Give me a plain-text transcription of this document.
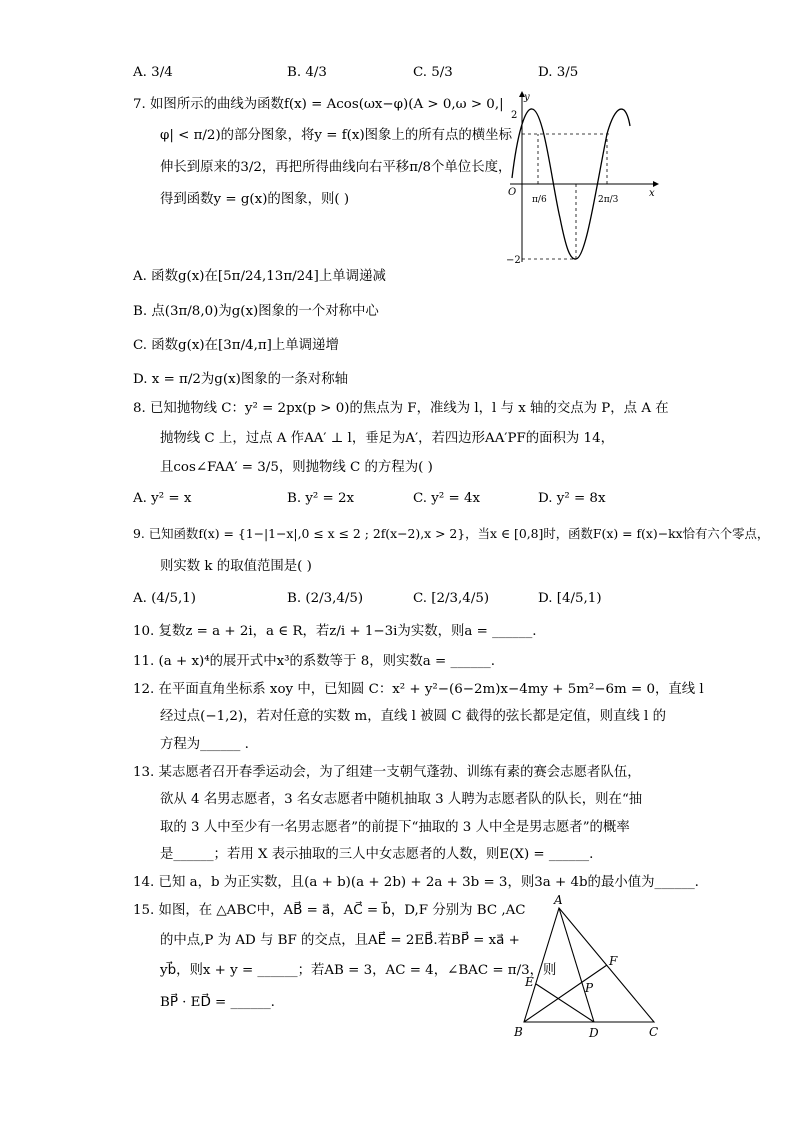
A. 3/4	B. 4/3	C. 5/3	D. 3/5
7. 如图所示的曲线为函数f(x) = Acos(ωx−φ)(A > 0,ω > 0,|
φ| < π/2)的部分图象，将y = f(x)图象上的所有点的横坐标
伸长到原来的3/2，再把所得曲线向右平移π/8个单位长度，
得到函数y = g(x)的图象，则( )
y
x
O
2
−2
π/6	2π/3
A. 函数g(x)在[5π/24,13π/24]上单调递减
B. 点(3π/8,0)为g(x)图象的一个对称中心
C. 函数g(x)在[3π/4,π]上单调递增
D. x = π/2为g(x)图象的一条对称轴
8. 已知抛物线 C：y² = 2px(p > 0)的焦点为 F，准线为 l，l 与 x 轴的交点为 P，点 A 在
抛物线 C 上，过点 A 作AA′ ⊥ l，垂足为A′，若四边形AA′PF的面积为 14，
且cos∠FAA′ = 3/5，则抛物线 C 的方程为( )
A. y² = x	B. y² = 2x	C. y² = 4x	D. y² = 8x
9. 已知函数f(x) = {1−|1−x|,0 ≤ x ≤ 2 ; 2f(x−2),x > 2}，当x ∈ [0,8]时，函数F(x) = f(x)−kx恰有六个零点，
则实数 k 的取值范围是( )
A. (4/5,1)	B. (2/3,4/5)	C. [2/3,4/5)	D. [4/5,1)
10. 复数z = a + 2i，a ∈ R，若z/i + 1−3i为实数，则a = ______.
11. (a + x)⁴的展开式中x³的系数等于 8，则实数a = ______.
12. 在平面直角坐标系 xoy 中，已知圆 C：x² + y²−(6−2m)x−4my + 5m²−6m = 0，直线 l
经过点(−1,2)，若对任意的实数 m，直线 l 被圆 C 截得的弦长都是定值，则直线 l 的
方程为______ .
13. 某志愿者召开春季运动会，为了组建一支朝气蓬勃、训练有素的赛会志愿者队伍，
欲从 4 名男志愿者，3 名女志愿者中随机抽取 3 人聘为志愿者队的队长，则在“抽
取的 3 人中至少有一名男志愿者”的前提下“抽取的 3 人中全是男志愿者”的概率
是______；若用 X 表示抽取的三人中女志愿者的人数，则E(X) = ______.
14. 已知 a，b 为正实数，且(a + b)(a + 2b) + 2a + 3b = 3，则3a + 4b的最小值为______.
15. 如图，在 △ABC中，AB⃗ = a⃗，AC⃗ = b⃗，D,F 分别为 BC ,AC
的中点,P 为 AD 与 BF 的交点，且AE⃗ = 2EB⃗.若BP⃗ = xa⃗ +
yb⃗，则x + y = ______；若AB = 3，AC = 4，∠BAC = π/3，则
BP⃗ · ED⃗ = ______.
A
B	C
D
E
F
P
